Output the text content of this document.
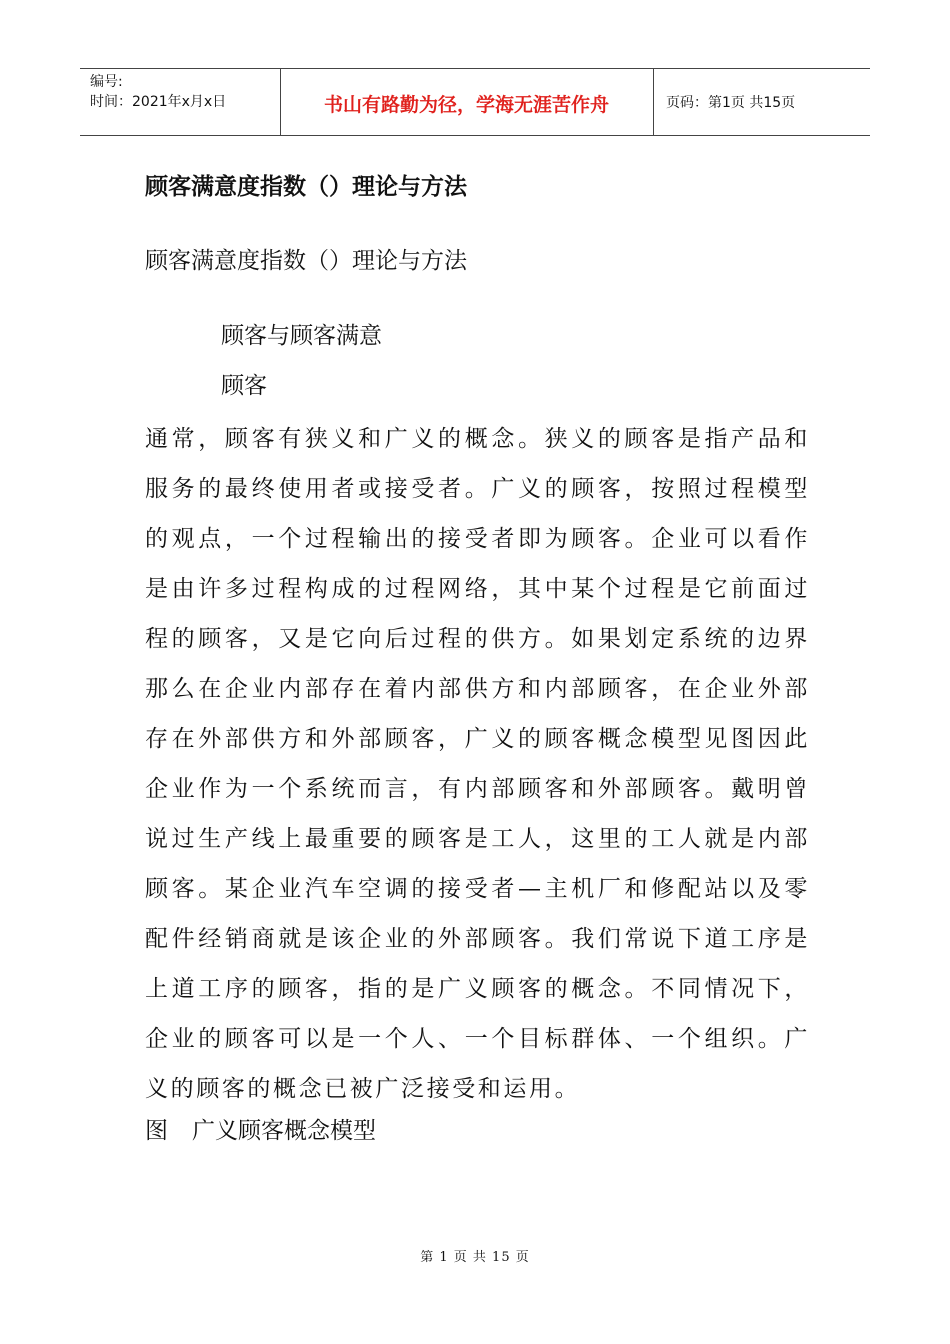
编号:
时间：2021年x月x日	书山有路勤为径，学海无涯苦作舟	页码：第1页 共15页
顾客满意度指数（）理论与方法
顾客满意度指数（）理论与方法
顾客与顾客满意
顾客
通常，顾客有狭义和广义的概念。狭义的顾客是指产品和服务的最终使用者或接受者。广义的顾客，按照过程模型的观点，一个过程输出的接受者即为顾客。企业可以看作是由许多过程构成的过程网络，其中某个过程是它前面过程的顾客，又是它向后过程的供方。如果划定系统的边界那么在企业内部存在着内部供方和内部顾客，在企业外部存在外部供方和外部顾客，广义的顾客概念模型见图因此企业作为一个系统而言，有内部顾客和外部顾客。戴明曾说过生产线上最重要的顾客是工人，这里的工人就是内部顾客。某企业汽车空调的接受者—主机厂和修配站以及零配件经销商就是该企业的外部顾客。我们常说下道工序是上道工序的顾客，指的是广义顾客的概念。不同情况下，企业的顾客可以是一个人、一个目标群体、一个组织。广义的顾客的概念已被广泛接受和运用。
图 广义顾客概念模型
第 1 页 共 15 页
